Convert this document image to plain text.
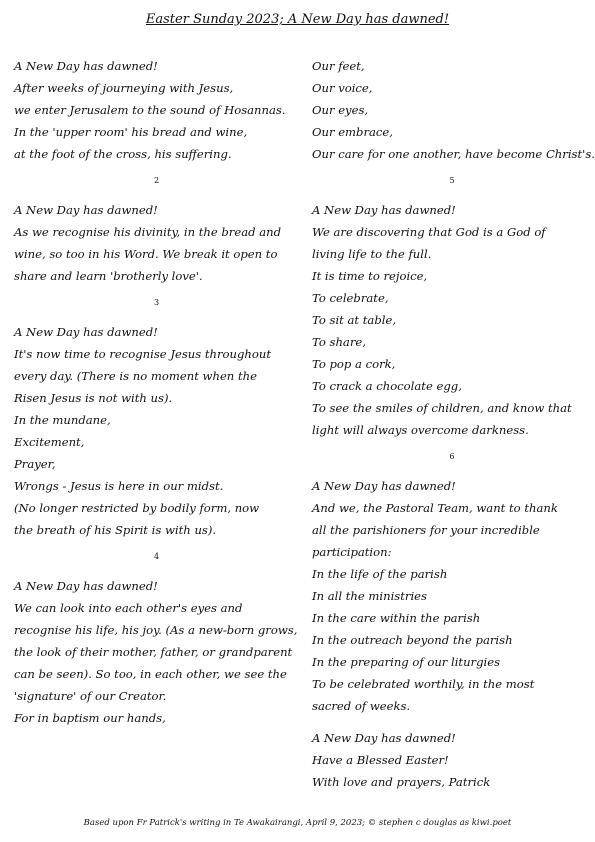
Easter Sunday 2023; A New Day has dawned!
A New Day has dawned!
After weeks of journeying with Jesus,
we enter Jerusalem to the sound of Hosannas.
In the 'upper room' his bread and wine,
at the foot of the cross, his suffering.
2
A New Day has dawned!
As we recognise his divinity, in the bread and
wine, so too in his Word. We break it open to
share and learn 'brotherly love'.
3
A New Day has dawned!
It's now time to recognise Jesus throughout
every day. (There is no moment when the
Risen Jesus is not with us).
In the mundane,
Excitement,
Prayer,
Wrongs - Jesus is here in our midst.
(No longer restricted by bodily form, now
the breath of his Spirit is with us).
4
A New Day has dawned!
We can look into each other's eyes and
recognise his life, his joy. (As a new-born grows,
the look of their mother, father, or grandparent
can be seen). So too, in each other, we see the
'signature' of our Creator.
For in baptism our hands,
Our feet,
Our voice,
Our eyes,
Our embrace,
Our care for one another, have become Christ's.
5
A New Day has dawned!
We are discovering that God is a God of
living life to the full.
It is time to rejoice,
To celebrate,
To sit at table,
To share,
To pop a cork,
To crack a chocolate egg,
To see the smiles of children, and know that
light will always overcome darkness.
6
A New Day has dawned!
And we, the Pastoral Team, want to thank
all the parishioners for your incredible
participation:
In the life of the parish
In all the ministries
In the care within the parish
In the outreach beyond the parish
In the preparing of our liturgies
To be celebrated worthily, in the most
sacred of weeks.
A New Day has dawned!
Have a Blessed Easter!
With love and prayers, Patrick
Based upon Fr Patrick's writing in Te Awakairangi, April 9, 2023; © stephen c douglas as kiwi.poet
